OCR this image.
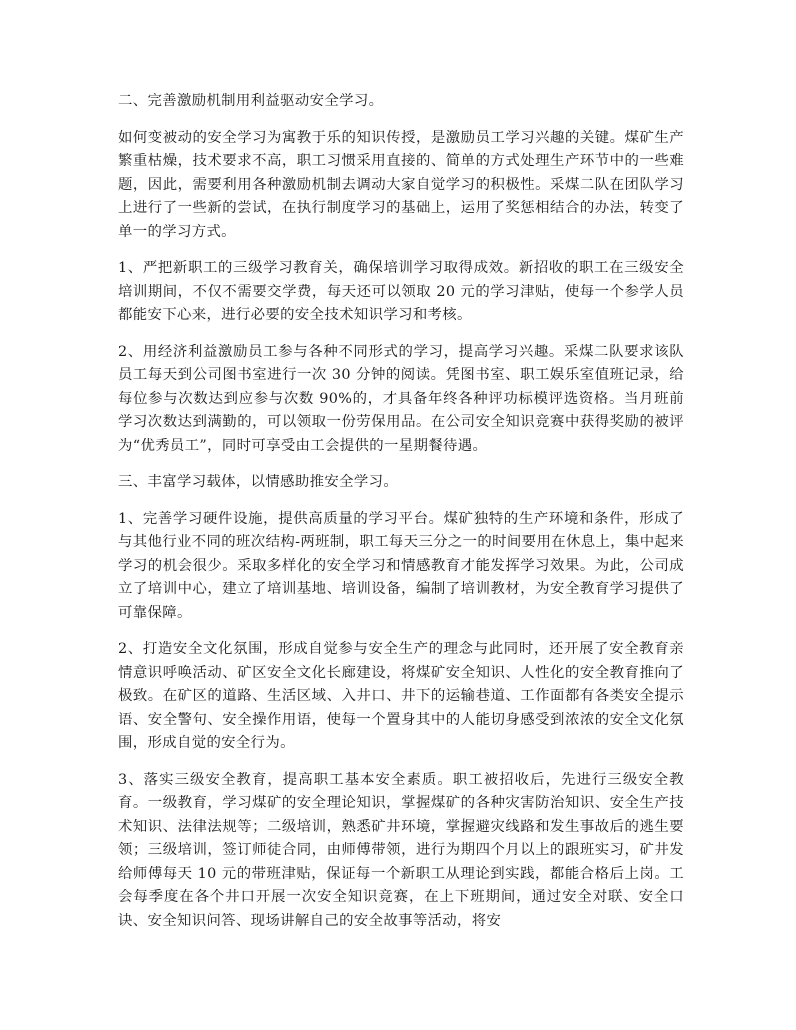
二、完善激励机制用利益驱动安全学习。

如何变被动的安全学习为寓教于乐的知识传授，是激励员工学习兴趣的关键。煤矿生产繁重枯燥，技术要求不高，职工习惯采用直接的、简单的方式处理生产环节中的一些难题，因此，需要利用各种激励机制去调动大家自觉学习的积极性。采煤二队在团队学习上进行了一些新的尝试，在执行制度学习的基础上，运用了奖惩相结合的办法，转变了单一的学习方式。

1、严把新职工的三级学习教育关，确保培训学习取得成效。新招收的职工在三级安全培训期间，不仅不需要交学费，每天还可以领取 20 元的学习津贴，使每一个参学人员都能安下心来，进行必要的安全技术知识学习和考核。

2、用经济利益激励员工参与各种不同形式的学习，提高学习兴趣。采煤二队要求该队员工每天到公司图书室进行一次 30 分钟的阅读。凭图书室、职工娱乐室值班记录，给每位参与次数达到应参与次数 90%的，才具备年终各种评功标模评选资格。当月班前学习次数达到满勤的，可以领取一份劳保用品。在公司安全知识竞赛中获得奖励的被评为“优秀员工”，同时可享受由工会提供的一星期餐待遇。

三、丰富学习载体，以情感助推安全学习。

1、完善学习硬件设施，提供高质量的学习平台。煤矿独特的生产环境和条件，形成了与其他行业不同的班次结构-两班制，职工每天三分之一的时间要用在休息上，集中起来学习的机会很少。采取多样化的安全学习和情感教育才能发挥学习效果。为此，公司成立了培训中心，建立了培训基地、培训设备，编制了培训教材，为安全教育学习提供了可靠保障。

2、打造安全文化氛围，形成自觉参与安全生产的理念与此同时，还开展了安全教育亲情意识呼唤活动、矿区安全文化长廊建设，将煤矿安全知识、人性化的安全教育推向了极致。在矿区的道路、生活区域、入井口、井下的运输巷道、工作面都有各类安全提示语、安全警句、安全操作用语，使每一个置身其中的人能切身感受到浓浓的安全文化氛围，形成自觉的安全行为。

3、落实三级安全教育，提高职工基本安全素质。职工被招收后，先进行三级安全教育。一级教育，学习煤矿的安全理论知识，掌握煤矿的各种灾害防治知识、安全生产技术知识、法律法规等；二级培训，熟悉矿井环境，掌握避灾线路和发生事故后的逃生要领；三级培训，签订师徒合同，由师傅带领，进行为期四个月以上的跟班实习，矿井发给师傅每天 10 元的带班津贴，保证每一个新职工从理论到实践，都能合格后上岗。工会每季度在各个井口开展一次安全知识竞赛，在上下班期间，通过安全对联、安全口诀、安全知识问答、现场讲解自己的安全故事等活动，将安
